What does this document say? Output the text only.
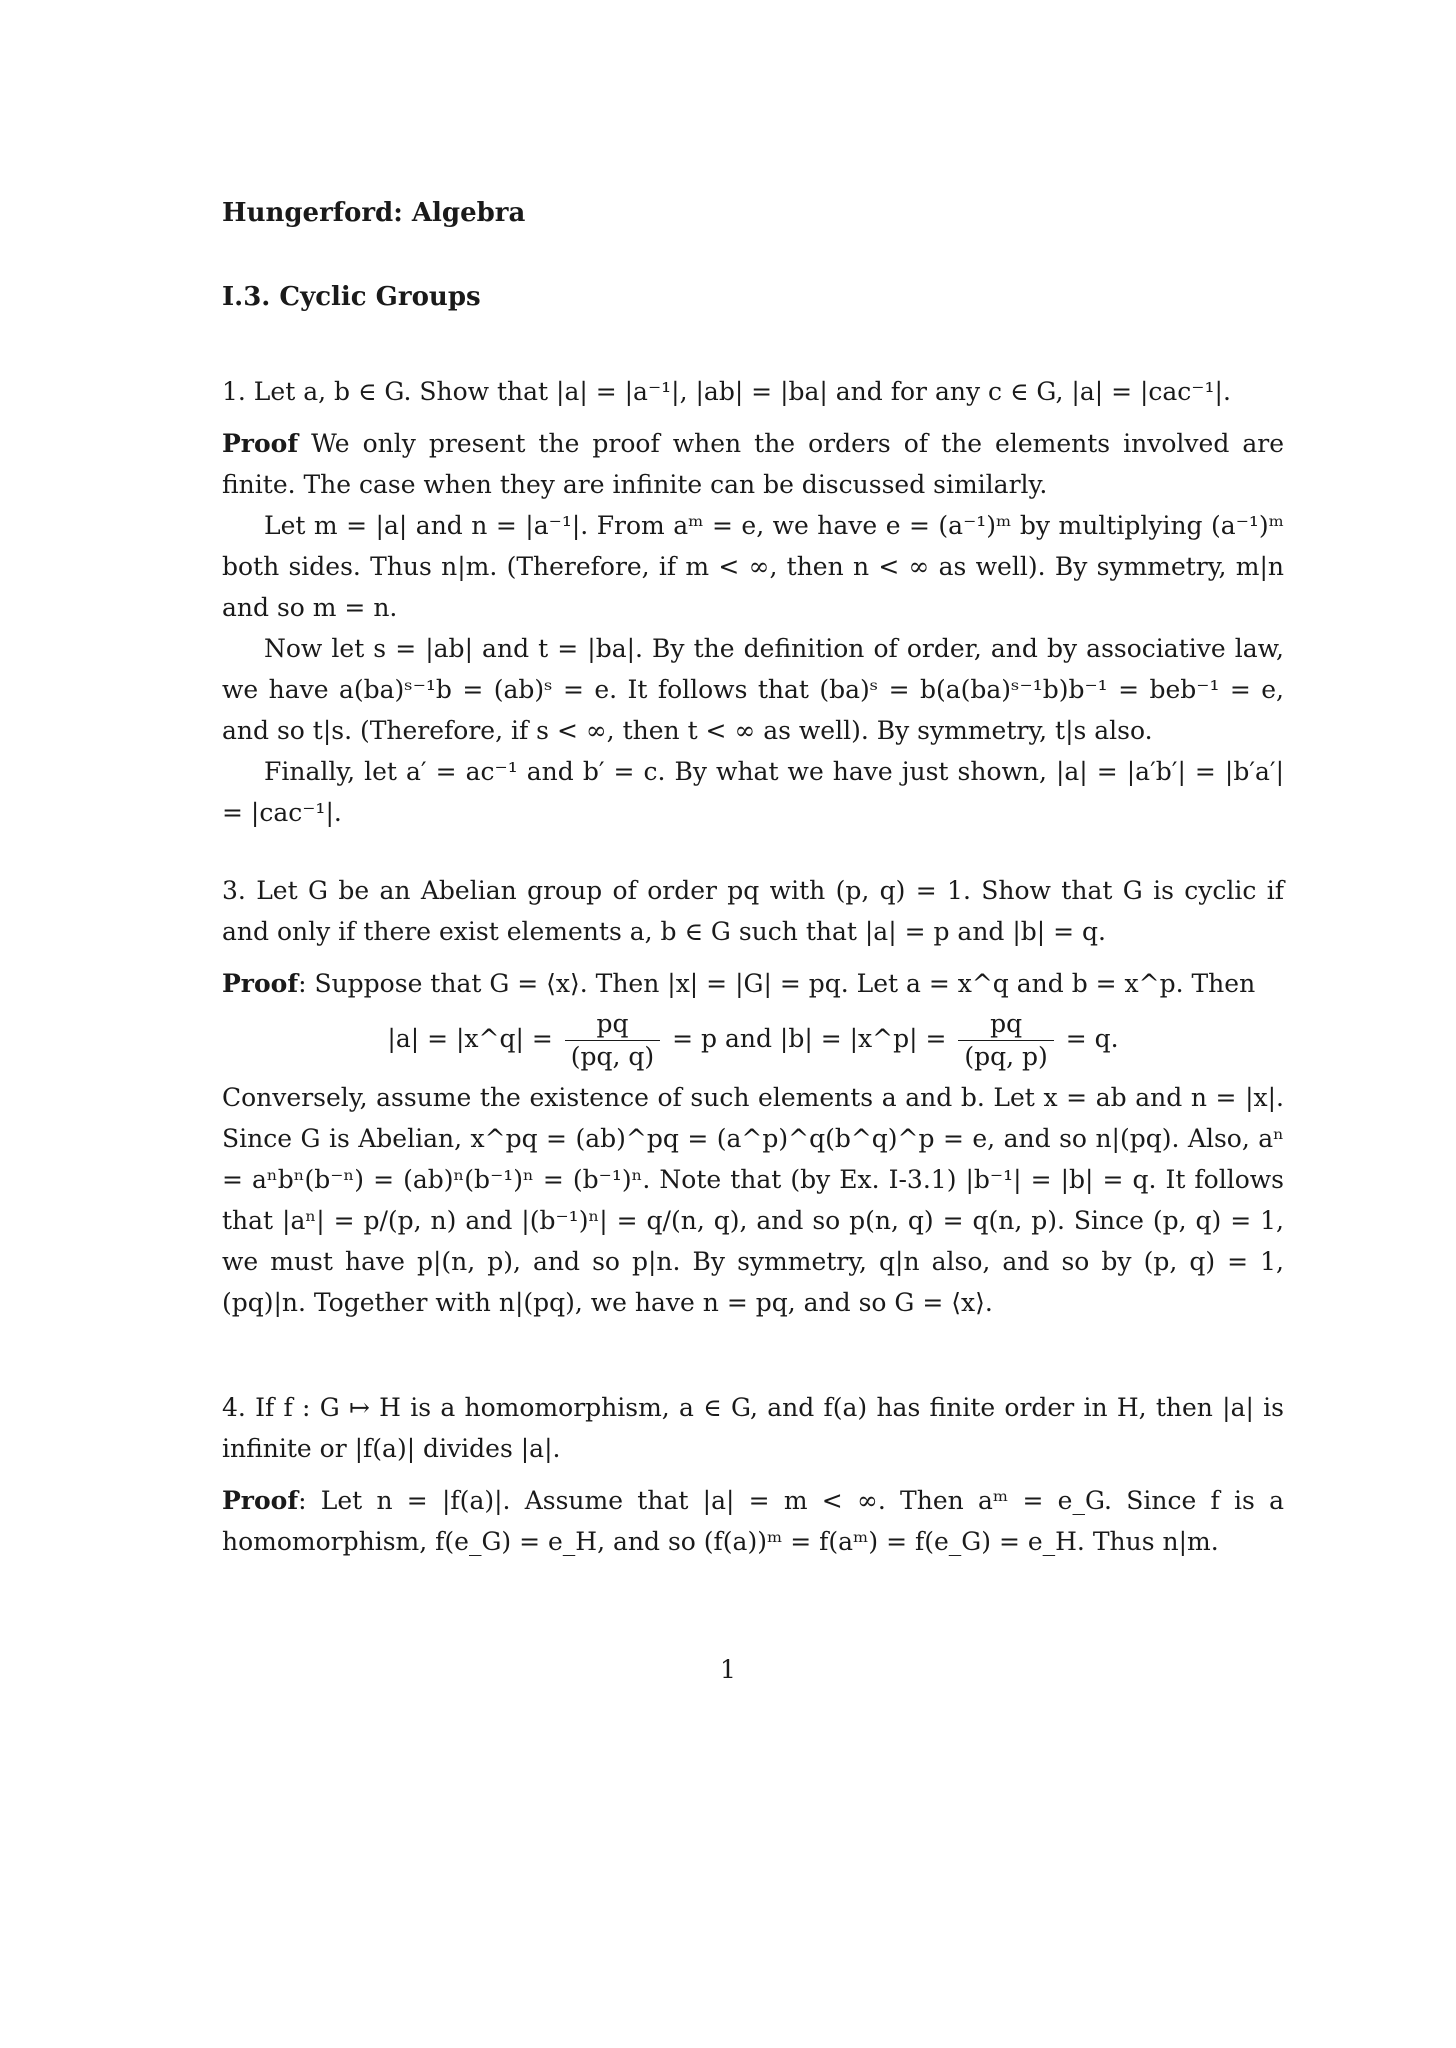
Hungerford: Algebra
I.3. Cyclic Groups

1. Let a, b ∈ G. Show that |a| = |a⁻¹|, |ab| = |ba| and for any c ∈ G, |a| = |cac⁻¹|.

Proof We only present the proof when the orders of the elements involved are finite. The case when they are infinite can be discussed similarly.

Let m = |a| and n = |a⁻¹|. From aᵐ = e, we have e = (a⁻¹)ᵐ by multiplying (a⁻¹)ᵐ both sides. Thus n|m. (Therefore, if m < ∞, then n < ∞ as well). By symmetry, m|n and so m = n.

Now let s = |ab| and t = |ba|. By the definition of order, and by associative law, we have a(ba)ˢ⁻¹b = (ab)ˢ = e. It follows that (ba)ˢ = b(a(ba)ˢ⁻¹b)b⁻¹ = beb⁻¹ = e, and so t|s. (Therefore, if s < ∞, then t < ∞ as well). By symmetry, t|s also.

Finally, let a′ = ac⁻¹ and b′ = c. By what we have just shown, |a| = |a′b′| = |b′a′| = |cac⁻¹|.

3. Let G be an Abelian group of order pq with (p, q) = 1. Show that G is cyclic if and only if there exist elements a, b ∈ G such that |a| = p and |b| = q.

Proof: Suppose that G = ⟨x⟩. Then |x| = |G| = pq. Let a = x^q and b = x^p. Then

|a| = |x^q| = $\frac{pq}{(pq, q)} = p$ and |b| = |x^p| = $\frac{pq}{(pq, p)} = q$.

Conversely, assume the existence of such elements a and b. Let x = ab and n = |x|. Since G is Abelian, x^pq = (ab)^pq = (a^p)^q(b^q)^p = e, and so n|(pq). Also, aⁿ = aⁿbⁿ(b⁻ⁿ) = (ab)ⁿ(b⁻¹)ⁿ = (b⁻¹)ⁿ. Note that (by Ex. I-3.1) |b⁻¹| = |b| = q. It follows that |aⁿ| = p/(p, n) and |(b⁻¹)ⁿ| = q/(n, q), and so p(n, q) = q(n, p). Since (p, q) = 1, we must have p|(n, p), and so p|n. By symmetry, q|n also, and so by (p, q) = 1, (pq)|n. Together with n|(pq), we have n = pq, and so G = ⟨x⟩.

4. If f : G ↦ H is a homomorphism, a ∈ G, and f(a) has finite order in H, then |a| is infinite or |f(a)| divides |a|.

Proof: Let n = |f(a)|. Assume that |a| = m < ∞. Then aᵐ = e_G. Since f is a homomorphism, f(e_G) = e_H, and so (f(a))ᵐ = f(aᵐ) = f(e_G) = e_H. Thus n|m.

1
